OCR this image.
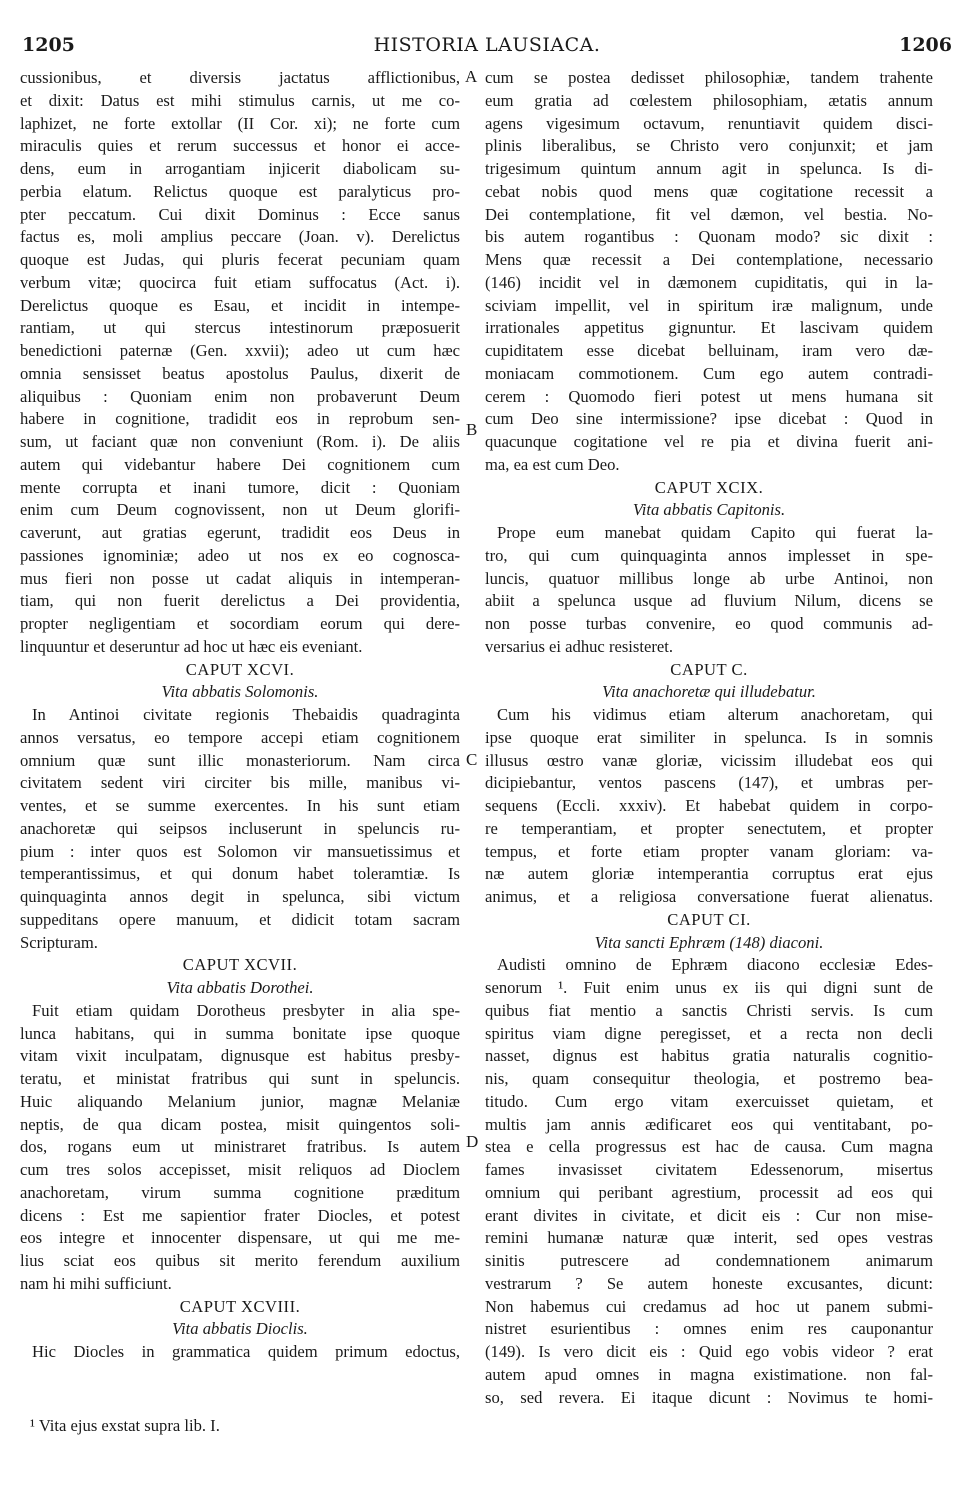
1205	HISTORIA LAUSIACA.	1206
A
B
C
D

cussionibus, et diversis jactatus afflictionibus,

et dixit: Datus est mihi stimulus carnis, ut me co-

laphizet, ne forte extollar (II Cor. xi); ne forte cum

miraculis quies et rerum successus et honor ei acce-

dens, eum in arrogantiam injicerit diabolicam su-

perbia elatum. Relictus quoque est paralyticus pro-

pter peccatum. Cui dixit Dominus : Ecce sanus

factus es, moli amplius peccare (Joan. v). Derelictus

quoque est Judas, qui pluris fecerat pecuniam quam

verbum vitæ; quocirca fuit etiam suffocatus (Act. i).

Derelictus quoque es Esau, et incidit in intempe-

rantiam, ut qui stercus intestinorum præposuerit

benedictioni paternæ (Gen. xxvii); adeo ut cum hæc

omnia sensisset beatus apostolus Paulus, dixerit de

aliquibus : Quoniam enim non probaverunt Deum

habere in cognitione, tradidit eos in reprobum sen-

sum, ut faciant quæ non conveniunt (Rom. i). De aliis

autem qui videbantur habere Dei cognitionem cum

mente corrupta et inani tumore, dicit : Quoniam

enim cum Deum cognovissent, non ut Deum glorifi-

caverunt, aut gratias egerunt, tradidit eos Deus in

passiones ignominiæ; adeo ut nos ex eo cognosca-

mus fieri non posse ut cadat aliquis in intemperan-

tiam, qui non fuerit derelictus a Dei providentia,

propter negligentiam et socordiam eorum qui dere-

linquuntur et deseruntur ad hoc ut hæc eis eveniant.

CAPUT XCVI.
Vita abbatis Solomonis.

In Antinoi civitate regionis Thebaidis quadraginta

annos versatus, eo tempore accepi etiam cognitionem

omnium quæ sunt illic monasteriorum. Nam circa

civitatem sedent viri circiter bis mille, manibus vi-

ventes, et se summe exercentes. In his sunt etiam

anachoretæ qui seipsos incluserunt in speluncis ru-

pium : inter quos est Solomon vir mansuetissimus et

temperantissimus, et qui donum habet toleramtiæ. Is

quinquaginta annos degit in spelunca, sibi victum

suppeditans opere manuum, et didicit totam sacram

Scripturam.

CAPUT XCVII.
Vita abbatis Dorothei.

Fuit etiam quidam Dorotheus presbyter in alia spe-

lunca habitans, qui in summa bonitate ipse quoque

vitam vixit inculpatam, dignusque est habitus presby-

teratu, et ministat fratribus qui sunt in speluncis.

Huic aliquando Melanium junior, magnæ Melaniæ

neptis, de qua dicam postea, misit quingentos soli-

dos, rogans eum ut ministraret fratribus. Is autem

cum tres solos accepisset, misit reliquos ad Dioclem

anachoretam, virum summa cognitione præditum

dicens : Est me sapientior frater Diocles, et potest

eos integre et innocenter dispensare, ut qui me me-

lius sciat eos quibus sit merito ferendum auxilium

nam hi mihi sufficiunt.

CAPUT XCVIII.
Vita abbatis Dioclis.

Hic Diocles in grammatica quidem primum edoctus,

cum se postea dedisset philosophiæ, tandem trahente

eum gratia ad cœlestem philosophiam, ætatis annum

agens vigesimum octavum, renuntiavit quidem disci-

plinis liberalibus, se Christo vero conjunxit; et jam

trigesimum quintum annum agit in spelunca. Is di-

cebat nobis quod mens quæ cogitatione recessit a

Dei contemplatione, fit vel dæmon, vel bestia. No-

bis autem rogantibus : Quonam modo? sic dixit :

Mens quæ recessit a Dei contemplatione, necessario

(146) incidit vel in dæmonem cupiditatis, qui in la-

sciviam impellit, vel in spiritum iræ malignum, unde

irrationales appetitus gignuntur. Et lascivam quidem

cupiditatem esse dicebat belluinam, iram vero dæ-

moniacam commotionem. Cum ego autem contradi-

cerem : Quomodo fieri potest ut mens humana sit

cum Deo sine intermissione? ipse dicebat : Quod in

quacunque cogitatione vel re pia et divina fuerit ani-

ma, ea est cum Deo.

CAPUT XCIX.
Vita abbatis Capitonis.

Prope eum manebat quidam Capito qui fuerat la-

tro, qui cum quinquaginta annos implesset in spe-

luncis, quatuor millibus longe ab urbe Antinoi, non

abiit a spelunca usque ad fluvium Nilum, dicens se

non posse turbas convenire, eo quod communis ad-

versarius ei adhuc resisteret.

CAPUT C.
Vita anachoretæ qui illudebatur.

Cum his vidimus etiam alterum anachoretam, qui

ipse quoque erat similiter in spelunca. Is in somnis

illusus œstro vanæ gloriæ, vicissim illudebat eos qui

dicipiebantur, ventos pascens (147), et umbras per-

sequens (Eccli. xxxiv). Et habebat quidem in corpo-

re temperantiam, et propter senectutem, et propter

tempus, et forte etiam propter vanam gloriam: va-

næ autem gloriæ intemperantia corruptus erat ejus

animus, et a religiosa conversatione fuerat alienatus.

CAPUT CI.
Vita sancti Ephræm (148) diaconi.

Audisti omnino de Ephræm diacono ecclesiæ Edes-

senorum ¹. Fuit enim unus ex iis qui digni sunt de

quibus fiat mentio a sanctis Christi servis. Is cum

spiritus viam digne peregisset, et a recta non decli

nasset, dignus est habitus gratia naturalis cognitio-

nis, quam consequitur theologia, et postremo bea-

titudo. Cum ergo vitam exercuisset quietam, et

multis jam annis ædificaret eos qui ventitabant, po-

stea e cella progressus est hac de causa. Cum magna

fames invasisset civitatem Edessenorum, misertus

omnium qui peribant agrestium, processit ad eos qui

erant divites in civitate, et dicit eis : Cur non mise-

remini humanæ naturæ quæ interit, sed opes vestras

sinitis putrescere ad condemnationem animarum

vestrarum ? Se autem honeste excusantes, dicunt:

Non habemus cui credamus ad hoc ut panem submi-

nistret esurientibus : omnes enim res cauponantur

(149). Is vero dicit eis : Quid ego vobis videor ? erat

autem apud omnes in magna existimatione. non fal-

so, sed revera. Ei itaque dicunt : Novimus te homi-

¹ Vita ejus exstat supra lib. I.
